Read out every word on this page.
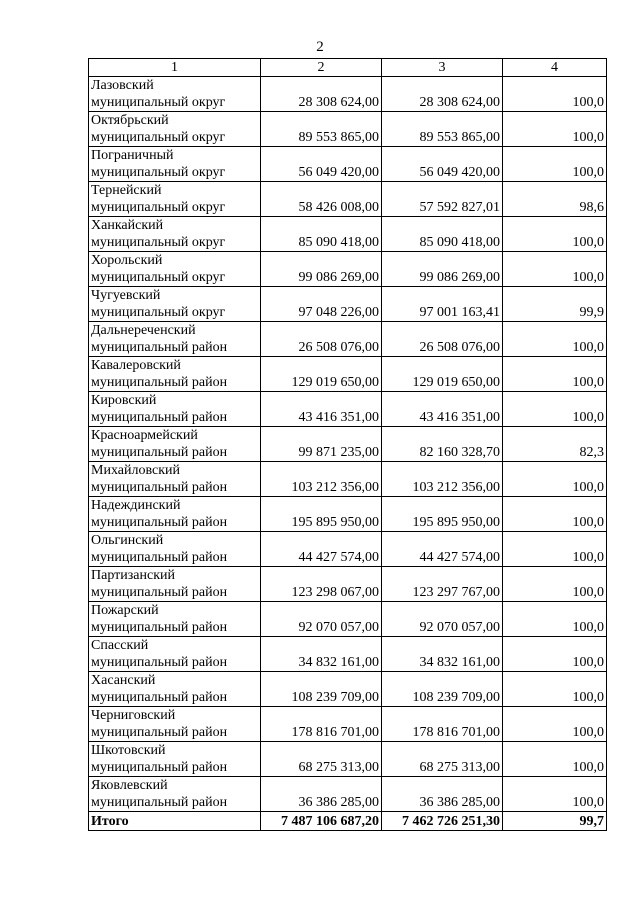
2
1	2	3	4
Лазовский
муниципальный округ	28 308 624,00	28 308 624,00	100,0
Октябрьский
муниципальный округ	89 553 865,00	89 553 865,00	100,0
Пограничный
муниципальный округ	56 049 420,00	56 049 420,00	100,0
Тернейский
муниципальный округ	58 426 008,00	57 592 827,01	98,6
Ханкайский
муниципальный округ	85 090 418,00	85 090 418,00	100,0
Хорольский
муниципальный округ	99 086 269,00	99 086 269,00	100,0
Чугуевский
муниципальный округ	97 048 226,00	97 001 163,41	99,9
Дальнереченский
муниципальный район	26 508 076,00	26 508 076,00	100,0
Кавалеровский
муниципальный район	129 019 650,00	129 019 650,00	100,0
Кировский
муниципальный район	43 416 351,00	43 416 351,00	100,0
Красноармейский
муниципальный район	99 871 235,00	82 160 328,70	82,3
Михайловский
муниципальный район	103 212 356,00	103 212 356,00	100,0
Надеждинский
муниципальный район	195 895 950,00	195 895 950,00	100,0
Ольгинский
муниципальный район	44 427 574,00	44 427 574,00	100,0
Партизанский
муниципальный район	123 298 067,00	123 297 767,00	100,0
Пожарский
муниципальный район	92 070 057,00	92 070 057,00	100,0
Спасский
муниципальный район	34 832 161,00	34 832 161,00	100,0
Хасанский
муниципальный район	108 239 709,00	108 239 709,00	100,0
Черниговский
муниципальный район	178 816 701,00	178 816 701,00	100,0
Шкотовский
муниципальный район	68 275 313,00	68 275 313,00	100,0
Яковлевский
муниципальный район	36 386 285,00	36 386 285,00	100,0
Итого	7 487 106 687,20	7 462 726 251,30	99,7
